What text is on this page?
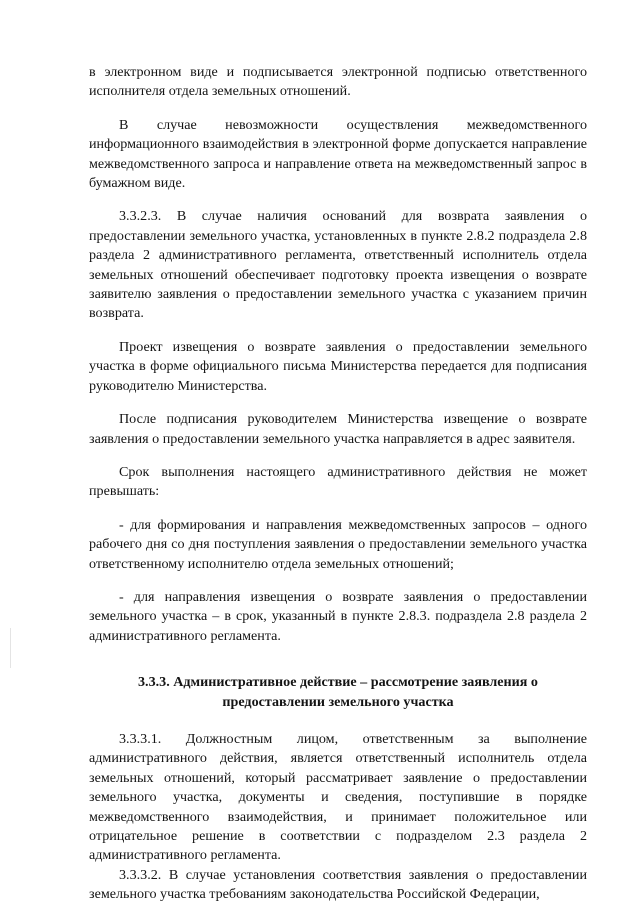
в электронном виде и подписывается электронной подписью ответственного исполнителя отдела земельных отношений.

В случае невозможности осуществления межведомственного информационного взаимодействия в электронной форме допускается направление межведомственного запроса и направление ответа на межведомственный запрос в бумажном виде.

3.3.2.3. В случае наличия оснований для возврата заявления о предоставлении земельного участка, установленных в пункте 2.8.2 подраздела 2.8 раздела 2 административного регламента, ответственный исполнитель отдела земельных отношений обеспечивает подготовку проекта извещения о возврате заявителю заявления о предоставлении земельного участка с указанием причин возврата.

Проект извещения о возврате заявления о предоставлении земельного участка в форме официального письма Министерства передается для подписания руководителю Министерства.

После подписания руководителем Министерства извещение о возврате заявления о предоставлении земельного участка направляется в адрес заявителя.

Срок выполнения настоящего административного действия не может превышать:

- для формирования и направления межведомственных запросов – одного рабочего дня со дня поступления заявления о предоставлении земельного участка ответственному исполнителю отдела земельных отношений;

- для направления извещения о возврате заявления о предоставлении земельного участка – в срок, указанный в пункте 2.8.3. подраздела 2.8 раздела 2 административного регламента.

3.3.3. Административное действие – рассмотрение заявления о
предоставлении земельного участка

3.3.3.1. Должностным лицом, ответственным за выполнение административного действия, является ответственный исполнитель отдела земельных отношений, который рассматривает заявление о предоставлении земельного участка, документы и сведения, поступившие в порядке межведомственного взаимодействия, и принимает положительное или отрицательное решение в соответствии с подразделом 2.3 раздела 2 административного регламента.

3.3.3.2. В случае установления соответствия заявления о предоставлении земельного участка требованиям законодательства Российской Федерации,
